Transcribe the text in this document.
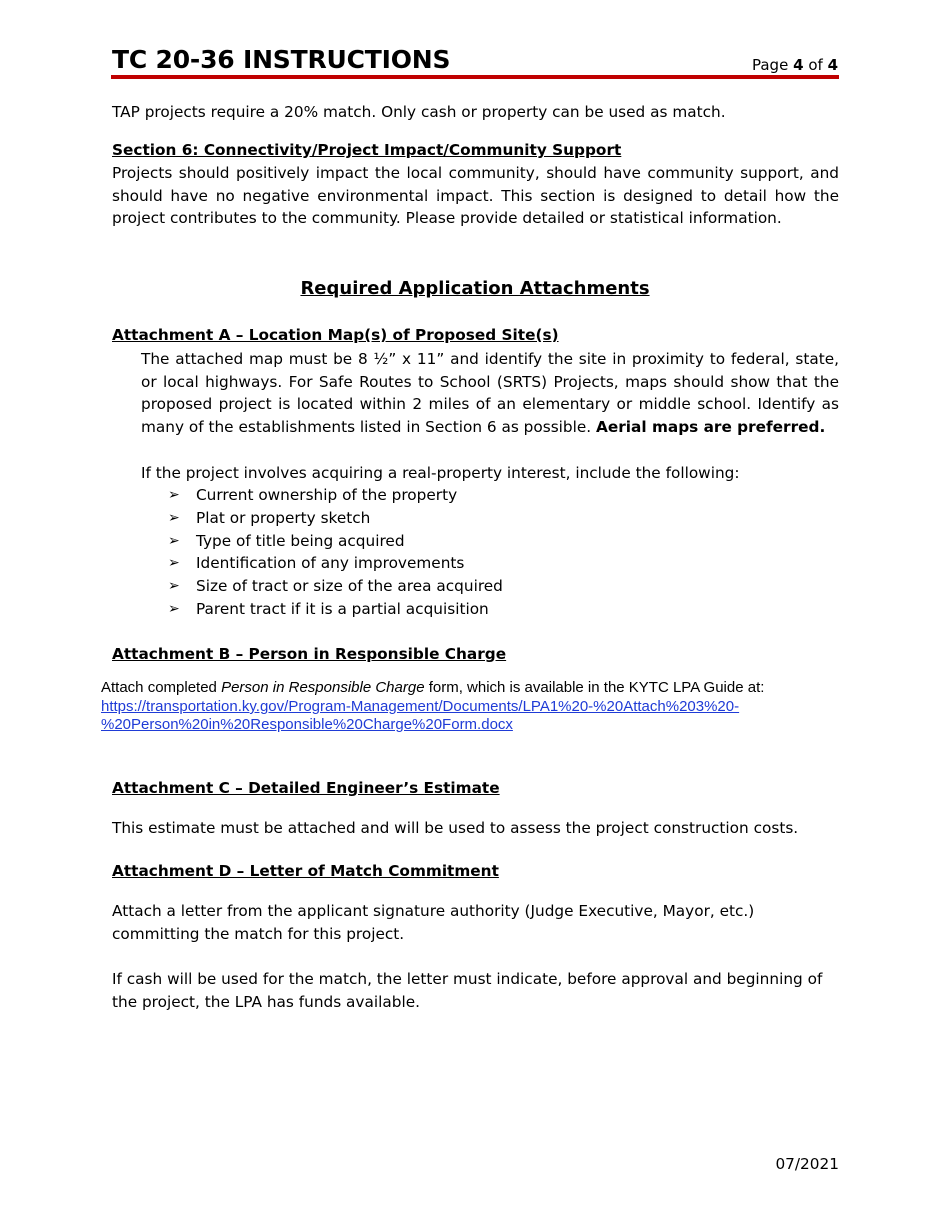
TC 20-36 INSTRUCTIONS	Page 4 of 4
TAP projects require a 20% match. Only cash or property can be used as match.
Section 6: Connectivity/Project Impact/Community Support
Projects should positively impact the local community, should have community support, and should have no negative environmental impact. This section is designed to detail how the project contributes to the community. Please provide detailed or statistical information.
Required Application Attachments
Attachment A – Location Map(s) of Proposed Site(s)
The attached map must be 8 ½” x 11” and identify the site in proximity to federal, state, or local highways. For Safe Routes to School (SRTS) Projects, maps should show that the proposed project is located within 2 miles of an elementary or middle school. Identify as many of the establishments listed in Section 6 as possible. Aerial maps are preferred.
If the project involves acquiring a real-property interest, include the following:
➢ Current ownership of the property
➢ Plat or property sketch
➢ Type of title being acquired
➢ Identification of any improvements
➢ Size of tract or size of the area acquired
➢ Parent tract if it is a partial acquisition
Attachment B – Person in Responsible Charge
Attach completed Person in Responsible Charge form, which is available in the KYTC LPA Guide at:
https://transportation.ky.gov/Program-Management/Documents/LPA1%20-%20Attach%203%20-
%20Person%20in%20Responsible%20Charge%20Form.docx
Attachment C – Detailed Engineer’s Estimate
This estimate must be attached and will be used to assess the project construction costs.
Attachment D – Letter of Match Commitment
Attach a letter from the applicant signature authority (Judge Executive, Mayor, etc.) committing the match for this project.
If cash will be used for the match, the letter must indicate, before approval and beginning of the project, the LPA has funds available.
07/2021
